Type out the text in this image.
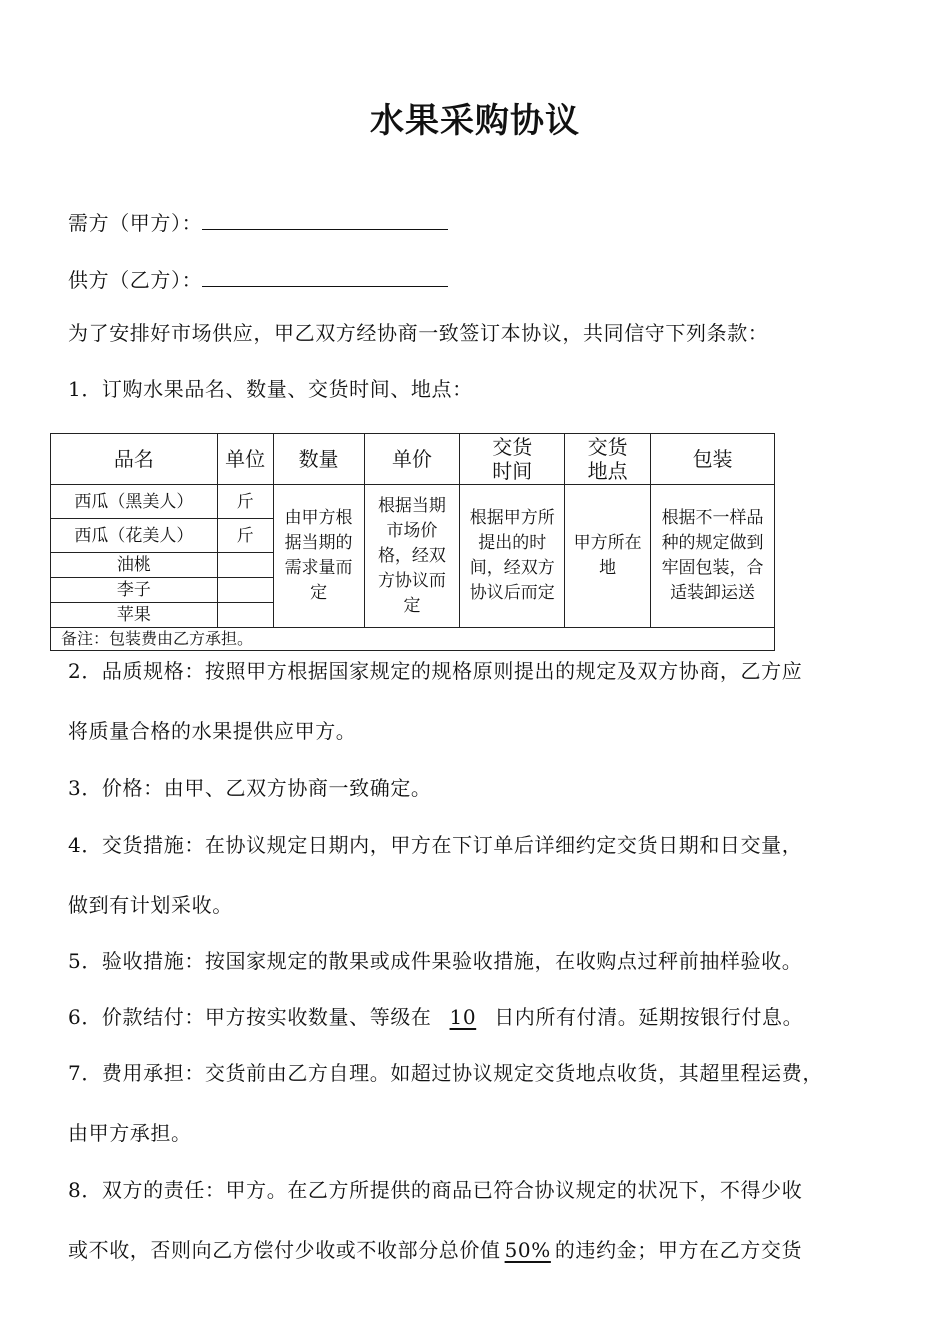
水果采购协议
需方（甲方）：
供方（乙方）：
为了安排好市场供应，甲乙双方经协商一致签订本协议，共同信守下列条款：
1．订购水果品名、数量、交货时间、地点：
品名	单位	数量	单价	交货时间	交货地点	包装
西瓜（黑美人）	斤	由甲方根据当期的需求量而定	根据当期市场价格，经双方协议而定	根据甲方所提出的时间，经双方协议后而定	甲方所在地	根据不一样品种的规定做到牢固包装，合适装卸运送
西瓜（花美人）	斤					
油桃						
李子						
苹果						
备注：包装费由乙方承担。						
2．品质规格：按照甲方根据国家规定的规格原则提出的规定及双方协商，乙方应
将质量合格的水果提供应甲方。
3．价格：由甲、乙双方协商一致确定。
4．交货措施：在协议规定日期内，甲方在下订单后详细约定交货日期和日交量，
做到有计划采收。
5．验收措施：按国家规定的散果或成件果验收措施，在收购点过秤前抽样验收。
6．价款结付：甲方按实收数量、等级在 10 日内所有付清。延期按银行付息。
7．费用承担：交货前由乙方自理。如超过协议规定交货地点收货，其超里程运费，
由甲方承担。
8．双方的责任：甲方。在乙方所提供的商品已符合协议规定的状况下，不得少收
或不收，否则向乙方偿付少收或不收部分总价值 50% 的违约金；甲方在乙方交货
